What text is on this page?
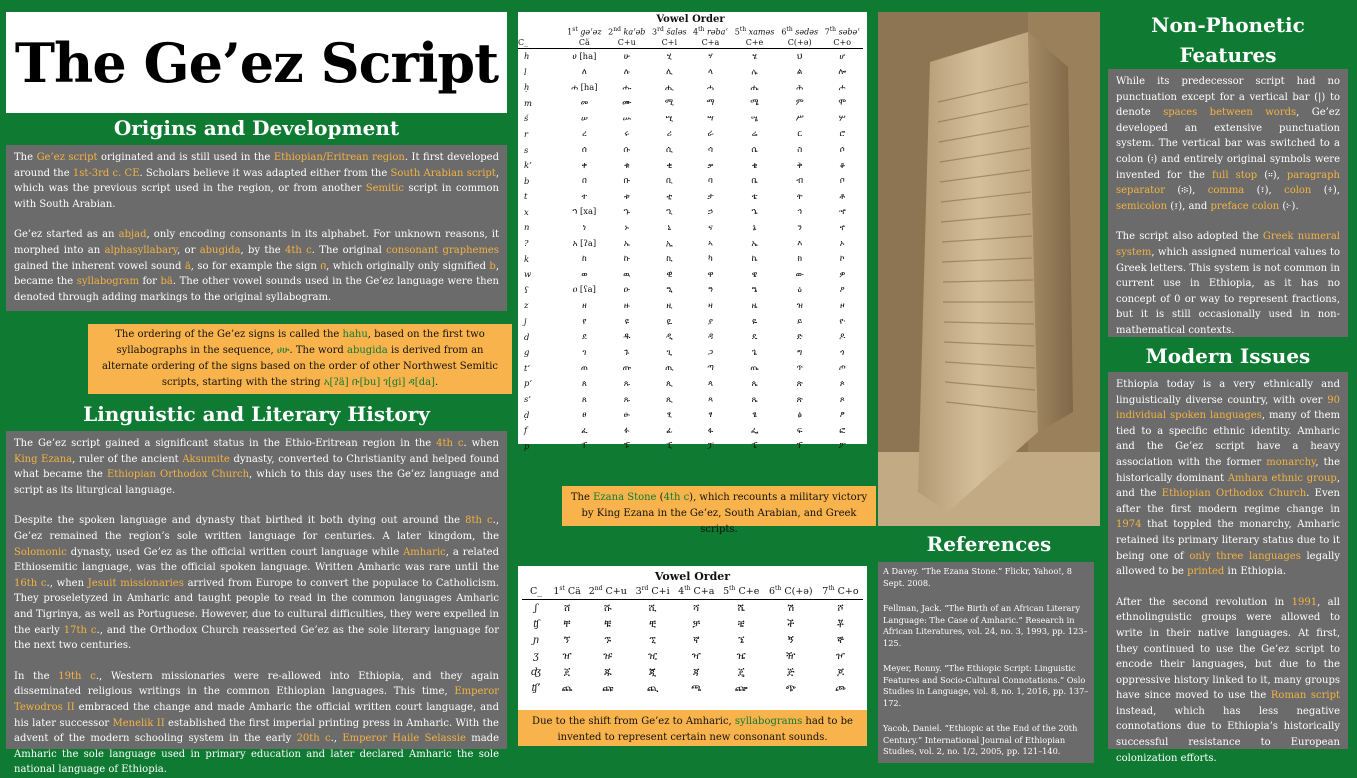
The Ge’ez Script
Origins and Development

The Ge’ez script originated and is still used in the Ethiopian/Eritrean region. It first developed around the 1st-3rd c. CE. Scholars believe it was adapted either from the South Arabian script, which was the previous script used in the region, or from another Semitic script in common with South Arabian.

Ge’ez started as an abjad, only encoding consonants in its alphabet. For unknown reasons, it morphed into an alphasyllabary, or abugida, by the 4th c. The original consonant graphemes gained the inherent vowel sound ä, so for example the sign በ, which originally only signified b, became the syllabogram for bä. The other vowel sounds used in the Ge’ez language were then denoted through adding markings to the original syllabogram.

The ordering of the Ge’ez signs is called the hahu, based on the first two syllabographs in the sequence, ሀሁ. The word abugida is derived from an alternate ordering of the signs based on the order of other Northwest Semitic scripts, starting with the string አ[ʔä] ቡ[bu] ገ[gi] ዳ[da].
Linguistic and Literary History

The Ge’ez script gained a significant status in the Ethio-Eritrean region in the 4th c. when King Ezana, ruler of the ancient Aksumite dynasty, converted to Christianity and helped found what became the Ethiopian Orthodox Church, which to this day uses the Ge’ez language and script as its liturgical language.

Despite the spoken language and dynasty that birthed it both dying out around the 8th c., Ge’ez remained the region’s sole written language for centuries. A later kingdom, the Solomonic dynasty, used Ge’ez as the official written court language while Amharic, a related Ethiosemitic language, was the official spoken language. Written Amharic was rare until the 16th c., when Jesuit missionaries arrived from Europe to convert the populace to Catholicism. They proseletyzed in Amharic and taught people to read in the common languages Amharic and Tigrinya, as well as Portuguese. However, due to cultural difficulties, they were expelled in the early 17th c., and the Orthodox Church reasserted Ge’ez as the sole literary language for the next two centuries.

In the 19th c., Western missionaries were re-allowed into Ethiopia, and they again disseminated religious writings in the common Ethiopian languages. This time, Emperor Tewodros II embraced the change and made Amharic the official written court language, and his later successor Menelik II established the first imperial printing press in Amharic. With the advent of the modern schooling system in the early 20th c., Emperor Haile Selassie made Amharic the sole language used in primary education and later declared Amharic the sole national language of Ethiopia.

Vowel Order
	1st gəʿəz	2nd kaʿəb	3rd šaləs	4th rəbaʿ	5th xaməs	6th sədəs	7th səbəʿ
C_	Cä	C+u	C+i	C+a	C+e	C(+ə)	C+o
h	ሀ [ha]	ሁ	ሂ	ሃ	ሄ	ህ	ሆ
l	ለ	ሉ	ሊ	ላ	ሌ	ል	ሎ
ḥ	ሐ [ha]	ሑ	ሒ	ሓ	ሔ	ሕ	ሖ
m	መ	ሙ	ሚ	ማ	ሜ	ም	ሞ
ś	ሠ	ሡ	ሢ	ሣ	ሤ	ሥ	ሦ
r	ረ	ሩ	ሪ	ራ	ሬ	ር	ሮ
s	ሰ	ሱ	ሲ	ሳ	ሴ	ስ	ሶ
k’	ቀ	ቁ	ቂ	ቃ	ቄ	ቅ	ቆ
b	በ	ቡ	ቢ	ባ	ቤ	ብ	ቦ
t	ተ	ቱ	ቲ	ታ	ቴ	ት	ቶ
x	ኀ [xa]	ኁ	ኂ	ኃ	ኄ	ኅ	ኆ
n	ነ	ኑ	ኒ	ና	ኔ	ን	ኖ
?	አ [ʔa]	ኡ	ኢ	ኣ	ኤ	እ	ኦ
k	ከ	ኩ	ኪ	ካ	ኬ	ክ	ኮ
w	ወ	ዉ	ዊ	ዋ	ዌ	ው	ዎ
ʕ	ዐ [ʕa]	ዑ	ዒ	ዓ	ዔ	ዕ	ዖ
z	ዘ	ዙ	ዚ	ዛ	ዜ	ዝ	ዞ
j	የ	ዩ	ዪ	ያ	ዬ	ይ	ዮ
d	ደ	ዱ	ዲ	ዳ	ዴ	ድ	ዶ
g	ገ	ጉ	ጊ	ጋ	ጌ	ግ	ጎ
t’	ጠ	ጡ	ጢ	ጣ	ጤ	ጥ	ጦ
p’	ጰ	ጱ	ጲ	ጳ	ጴ	ጵ	ጶ
s’	ጸ	ጹ	ጺ	ጻ	ጼ	ጽ	ጾ
ḍ	ፀ	ፁ	ፂ	ፃ	ፄ	ፅ	ፆ
f	ፈ	ፉ	ፊ	ፋ	ፌ	ፍ	ፎ
p	ፐ	ፑ	ፒ	ፓ	ፔ	ፕ	ፖ
Vowel Order
C_	1st Cä	2nd C+u	3rd C+i	4th C+a	5th C+e	6th C(+ə)	7th C+o
ʃ	ሸ	ሹ	ሺ	ሻ	ሼ	ሽ	ሾ
ʧ	ቸ	ቹ	ቺ	ቻ	ቼ	ች	ቾ
ɲ	ኘ	ኙ	ኚ	ኛ	ኜ	ኝ	ኞ
ʒ	ዠ	ዡ	ዢ	ዣ	ዤ	ዥ	ዦ
ʤ	ጀ	ጁ	ጂ	ጃ	ጄ	ጅ	ጆ
ʧ’	ጨ	ጩ	ጪ	ጫ	ጬ	ጭ	ጮ
Due to the shift from Ge’ez to Amharic, syllabograms had to be invented to represent certain new consonant sounds.
The Ezana Stone (4th c), which recounts a military victory by King Ezana in the Ge’ez, South Arabian, and Greek scripts.
References

A Davey. “The Ezana Stone.” Flickr, Yahoo!, 8 Sept. 2008.

Fellman, Jack. “The Birth of an African Literary Language: The Case of Amharic.” Research in African Literatures, vol. 24, no. 3, 1993, pp. 123–125.

Meyer, Ronny. “The Ethiopic Script: Linguistic Features and Socio-Cultural Connotations.” Oslo Studies in Language, vol. 8, no. 1, 2016, pp. 137–172.

Yacob, Daniel. “Ethiopic at the End of the 20th Century.” International Journal of Ethiopian Studies, vol. 2, no. 1/2, 2005, pp. 121–140.

Non-Phonetic
Features

While its predecessor script had no punctuation except for a vertical bar (|) to denote spaces between words, Ge’ez developed an extensive punctuation system. The vertical bar was switched to a colon (፡) and entirely original symbols were invented for the full stop (።), paragraph separator (፨), comma (፣), colon (፥), semicolon (፤), and preface colon (፦).

The script also adopted the Greek numeral system, which assigned numerical values to Greek letters. This system is not common in current use in Ethiopia, as it has no concept of 0 or way to represent fractions, but it is still occasionally used in non-mathematical contexts.

Modern Issues

Ethiopia today is a very ethnically and linguistically diverse country, with over 90 individual spoken languages, many of them tied to a specific ethnic identity. Amharic and the Ge’ez script have a heavy association with the former monarchy, the historically dominant Amhara ethnic group, and the Ethiopian Orthodox Church. Even after the first modern regime change in 1974 that toppled the monarchy, Amharic retained its primary literary status due to it being one of only three languages legally allowed to be printed in Ethiopia.

After the second revolution in 1991, all ethnolinguistic groups were allowed to write in their native languages. At first, they continued to use the Ge’ez script to encode their languages, but due to the oppressive history linked to it, many groups have since moved to use the Roman script instead, which has less negative connotations due to Ethiopia’s historically successful resistance to European colonization efforts.
